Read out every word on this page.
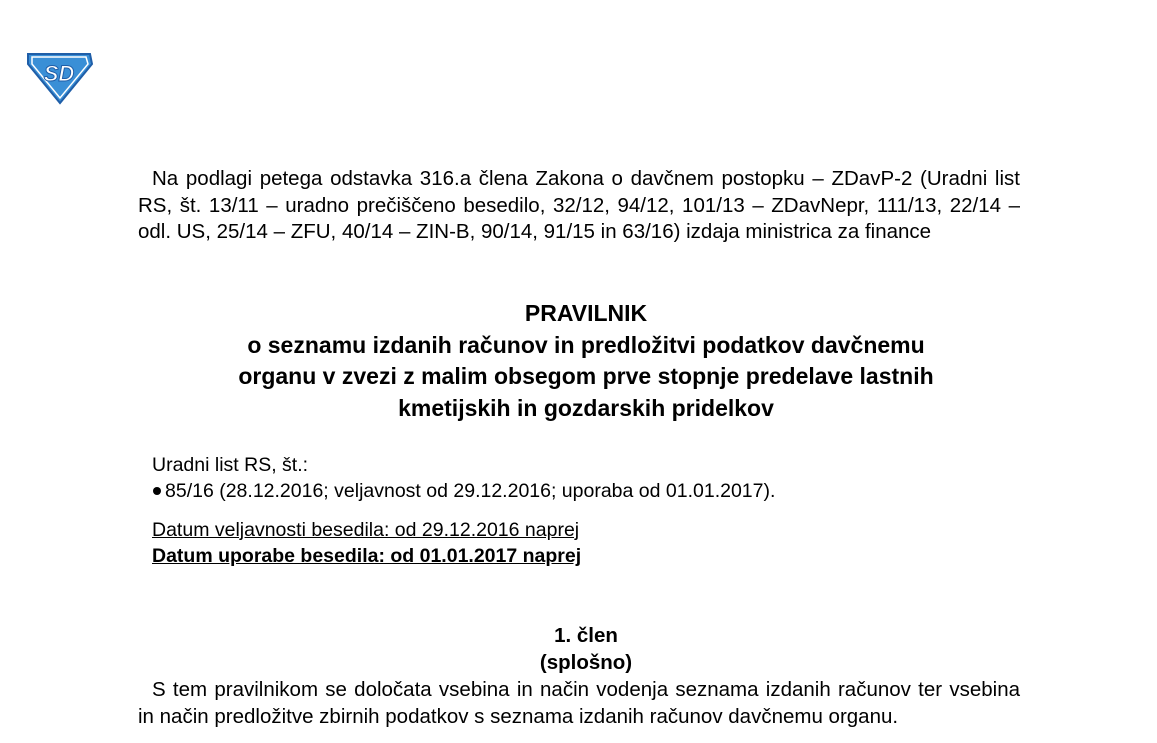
SD

Na podlagi petega odstavka 316.a člena Zakona o davčnem postopku – ZDavP-2 (Uradni list RS, št. 13/11 – uradno prečiščeno besedilo, 32/12, 94/12, 101/13 – ZDavNepr, 111/13, 22/14 – odl. US, 25/14 – ZFU, 40/14 – ZIN-B, 90/14, 91/15 in 63/16) izdaja ministrica za finance

PRAVILNIK
o seznamu izdanih računov in predložitvi podatkov davčnemu
organu v zvezi z malim obsegom prve stopnje predelave lastnih
kmetijskih in gozdarskih pridelkov
Uradni list RS, št.:
85/16 (28.12.2016; veljavnost od 29.12.2016; uporaba od 01.01.2017).
Datum veljavnosti besedila: od 29.12.2016 naprej
Datum uporabe besedila: od 01.01.2017 naprej
1. člen
(splošno)

S tem pravilnikom se določata vsebina in način vodenja seznama izdanih računov ter vsebina in način predložitve zbirnih podatkov s seznama izdanih računov davčnemu organu.
